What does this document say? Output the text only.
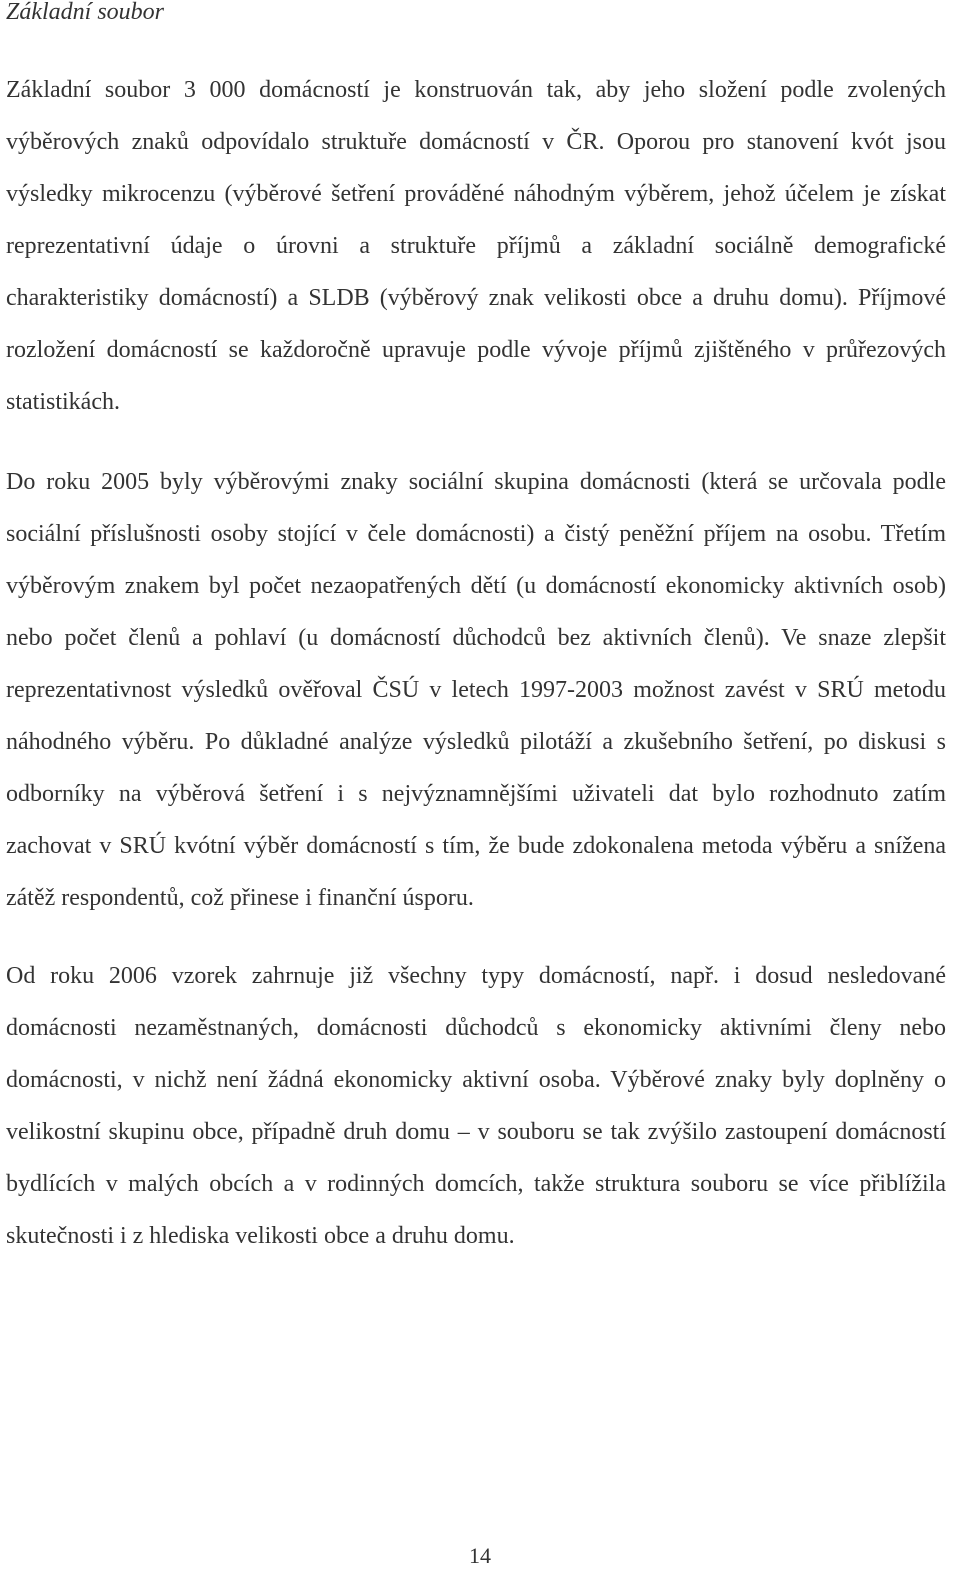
Základní soubor

Základní soubor 3 000 domácností je konstruován tak, aby jeho složení podle zvolených výběrových znaků odpovídalo struktuře domácností v ČR. Oporou pro stanovení kvót jsou výsledky mikrocenzu (výběrové šetření prováděné náhodným výběrem, jehož účelem je získat reprezentativní údaje o úrovni a struktuře příjmů a základní sociálně demografické charakteristiky domácností) a SLDB (výběrový znak velikosti obce a druhu domu). Příjmové rozložení domácností se každoročně upravuje podle vývoje příjmů zjištěného v průřezových statistikách.

Do roku 2005 byly výběrovými znaky sociální skupina domácnosti (která se určovala podle sociální příslušnosti osoby stojící v čele domácnosti) a čistý peněžní příjem na osobu. Třetím výběrovým znakem byl počet nezaopatřených dětí (u domácností ekonomicky aktivních osob) nebo počet členů a pohlaví (u domácností důchodců bez aktivních členů). Ve snaze zlepšit reprezentativnost výsledků ověřoval ČSÚ v letech 1997-2003 možnost zavést v SRÚ metodu náhodného výběru. Po důkladné analýze výsledků pilotáží a zkušebního šetření, po diskusi s odborníky na výběrová šetření i s nejvýznamnějšími uživateli dat bylo rozhodnuto zatím zachovat v SRÚ kvótní výběr domácností s tím, že bude zdokonalena metoda výběru a snížena zátěž respondentů, což přinese i finanční úsporu.

Od roku 2006 vzorek zahrnuje již všechny typy domácností, např. i dosud nesledované domácnosti nezaměstnaných, domácnosti důchodců s ekonomicky aktivními členy nebo domácnosti, v nichž není žádná ekonomicky aktivní osoba. Výběrové znaky byly doplněny o velikostní skupinu obce, případně druh domu – v souboru se tak zvýšilo zastoupení domácností bydlících v malých obcích a v rodinných domcích, takže struktura souboru se více přiblížila skutečnosti i z hlediska velikosti obce a druhu domu.

14
